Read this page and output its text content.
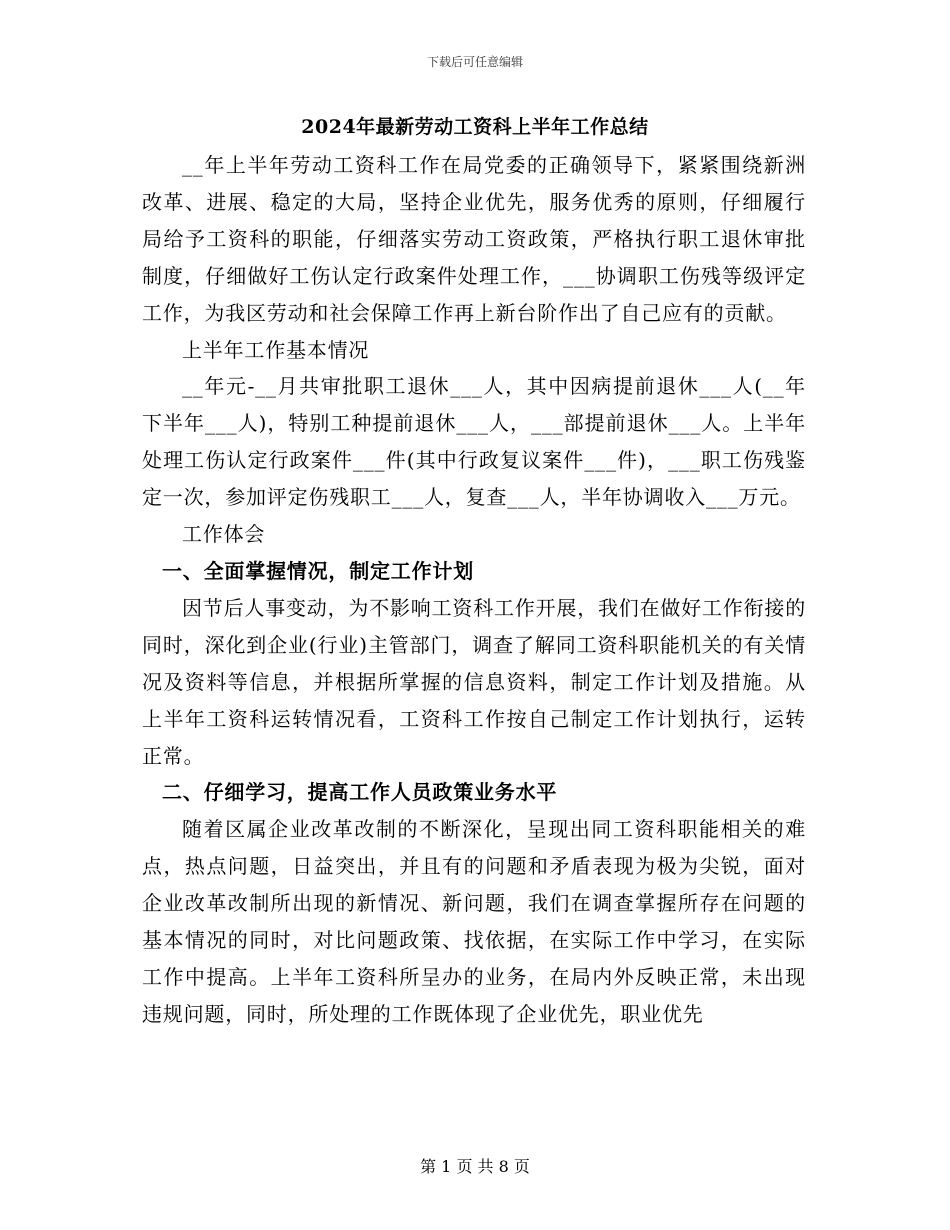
下载后可任意编辑
2024年最新劳动工资科上半年工作总结

__年上半年劳动工资科工作在局党委的正确领导下，紧紧围绕新洲改革、进展、稳定的大局，坚持企业优先，服务优秀的原则，仔细履行局给予工资科的职能，仔细落实劳动工资政策，严格执行职工退休审批制度，仔细做好工伤认定行政案件处理工作，___协调职工伤残等级评定工作，为我区劳动和社会保障工作再上新台阶作出了自己应有的贡献。

上半年工作基本情况

__年元-__月共审批职工退休___人，其中因病提前退休___人(__年下半年___人)，特别工种提前退休___人，___部提前退休___人。上半年处理工伤认定行政案件___件(其中行政复议案件___件)，___职工伤残鉴定一次，参加评定伤残职工___人，复查___人，半年协调收入___万元。

工作体会

一、全面掌握情况，制定工作计划

因节后人事变动，为不影响工资科工作开展，我们在做好工作衔接的同时，深化到企业(行业)主管部门，调查了解同工资科职能机关的有关情况及资料等信息，并根据所掌握的信息资料，制定工作计划及措施。从上半年工资科运转情况看，工资科工作按自己制定工作计划执行，运转正常。

二、仔细学习，提高工作人员政策业务水平

随着区属企业改革改制的不断深化，呈现出同工资科职能相关的难点，热点问题，日益突出，并且有的问题和矛盾表现为极为尖锐，面对企业改革改制所出现的新情况、新问题，我们在调查掌握所存在问题的基本情况的同时，对比问题政策、找依据，在实际工作中学习，在实际工作中提高。上半年工资科所呈办的业务，在局内外反映正常，未出现违规问题，同时，所处理的工作既体现了企业优先，职业优先

第 1 页 共 8 页
